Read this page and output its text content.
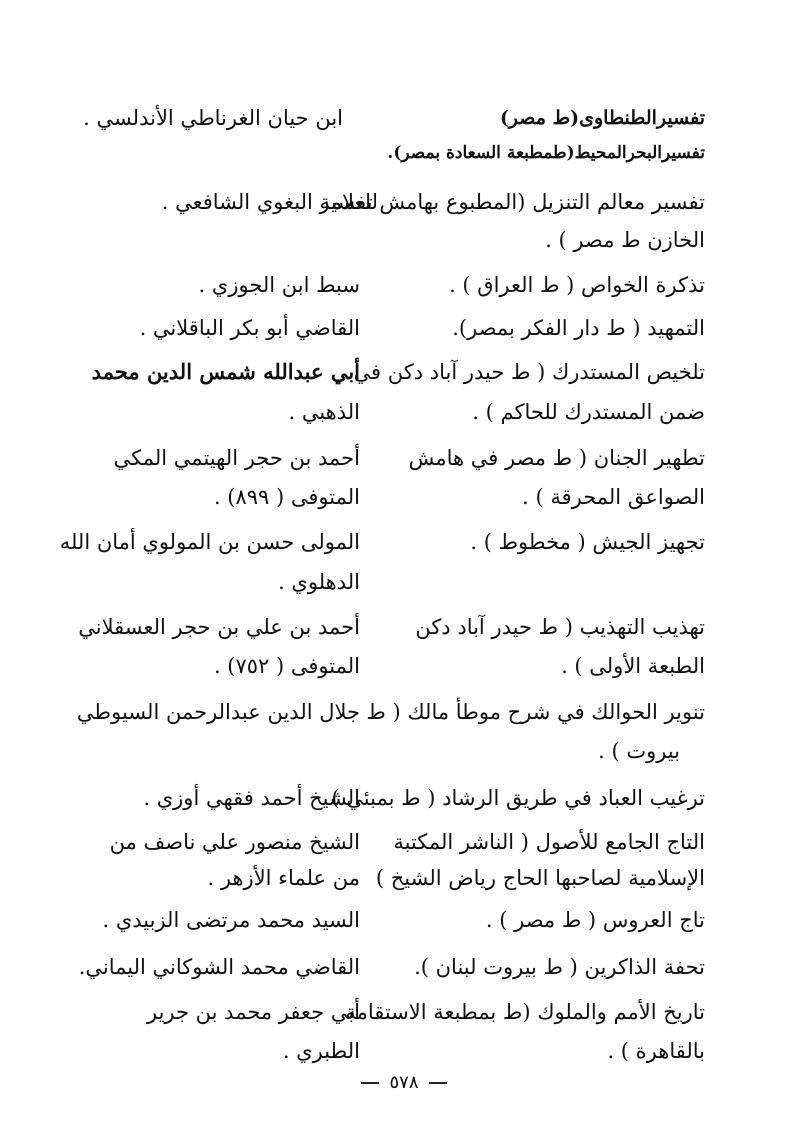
تفسيرالطنطاوى(ط مصر)
ابن حيان الغرناطي الأندلسي .
تفسيرالبحرالمحيط(طمطبعة السعادة بمصر).
تفسير معالم التنزيل (المطبوع بهامش تفسير
للعلامة البغوي الشافعي .
الخازن ط مصر ) .
تذكرة الخواص ( ط العراق ) .
سبط ابن الجوزي .
التمهيد ( ط دار الفكر بمصر).
القاضي أبو بكر الباقلاني .
تلخيص المستدرك ( ط حيدر آباد دكن في
أبي عبدالله شمس الدين محمد
ضمن المستدرك للحاكم ) .
الذهبي .
تطهير الجنان ( ط مصر في هامش
أحمد بن حجر الهيتمي المكي
الصواعق المحرقة ) .
المتوفى ( ٨٩٩) .
تجهيز الجيش ( مخطوط ) .
المولى حسن بن المولوي أمان الله
الدهلوي .
تهذيب التهذيب ( ط حيدر آباد دكن
أحمد بن علي بن حجر العسقلاني
الطبعة الأولى ) .
المتوفى ( ٧٥٢) .
تنوير الحوالك في شرح موطأ مالك ( ط
جلال الدين عبدالرحمن السيوطي
بيروت ) .
ترغيب العباد في طريق الرشاد ( ط بمبئي )
الشيخ أحمد فقهي أوزي .
التاج الجامع للأصول ( الناشر المكتبة
الشيخ منصور علي ناصف من
الإسلامية لصاحبها الحاج رياض الشيخ )
من علماء الأزهر .
تاج العروس ( ط مصر ) .
السيد محمد مرتضى الزبيدي .
تحفة الذاكرين ( ط بيروت لبنان ).
القاضي محمد الشوكاني اليماني.
تاريخ الأمم والملوك (ط بمطبعة الاستقامة
أبي جعفر محمد بن جرير
بالقاهرة ) .
الطبري .
٥٧٨
